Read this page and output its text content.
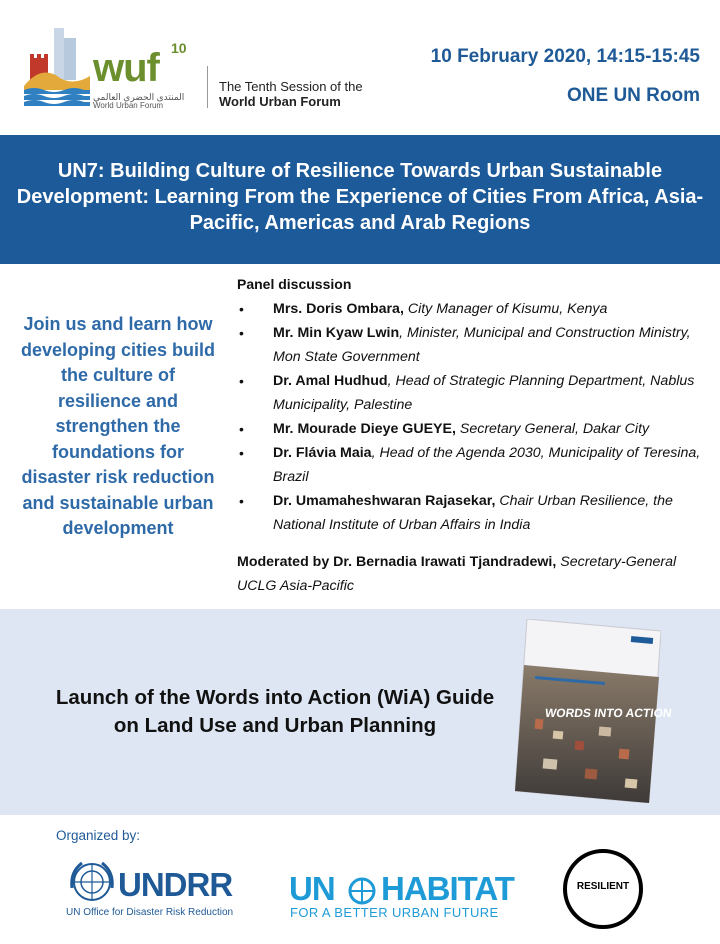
wuf 10
المنتدى الحضري العالمي
World Urban Forum
The Tenth Session of the
World Urban Forum
10 February 2020, 14:15-15:45
ONE UN Room
UN7: Building Culture of Resilience Towards Urban Sustainable Development: Learning From the Experience of Cities From Africa, Asia-Pacific, Americas and Arab Regions
Join us and learn how developing cities build the culture of resilience and strengthen the foundations for disaster risk reduction and sustainable urban development
Panel discussion
• Mrs. Doris Ombara, City Manager of Kisumu, Kenya
• Mr. Min Kyaw Lwin, Minister, Municipal and Construction Ministry, Mon State Government
• Dr. Amal Hudhud, Head of Strategic Planning Department, Nablus Municipality, Palestine
• Mr. Mourade Dieye GUEYE, Secretary General, Dakar City
• Dr. Flávia Maia, Head of the Agenda 2030, Municipality of Teresina, Brazil
• Dr. Umamaheshwaran Rajasekar, Chair Urban Resilience, the National Institute of Urban Affairs in India
Moderated by Dr. Bernadia Irawati Tjandradewi, Secretary-General UCLG Asia-Pacific
Launch of the Words into Action (WiA) Guide on Land Use and Urban Planning
WORDS INTO ACTION
Organized by:
UNDRR
UN Office for Disaster Risk Reduction
UN HABITAT
FOR A BETTER URBAN FUTURE
RESILIENT
